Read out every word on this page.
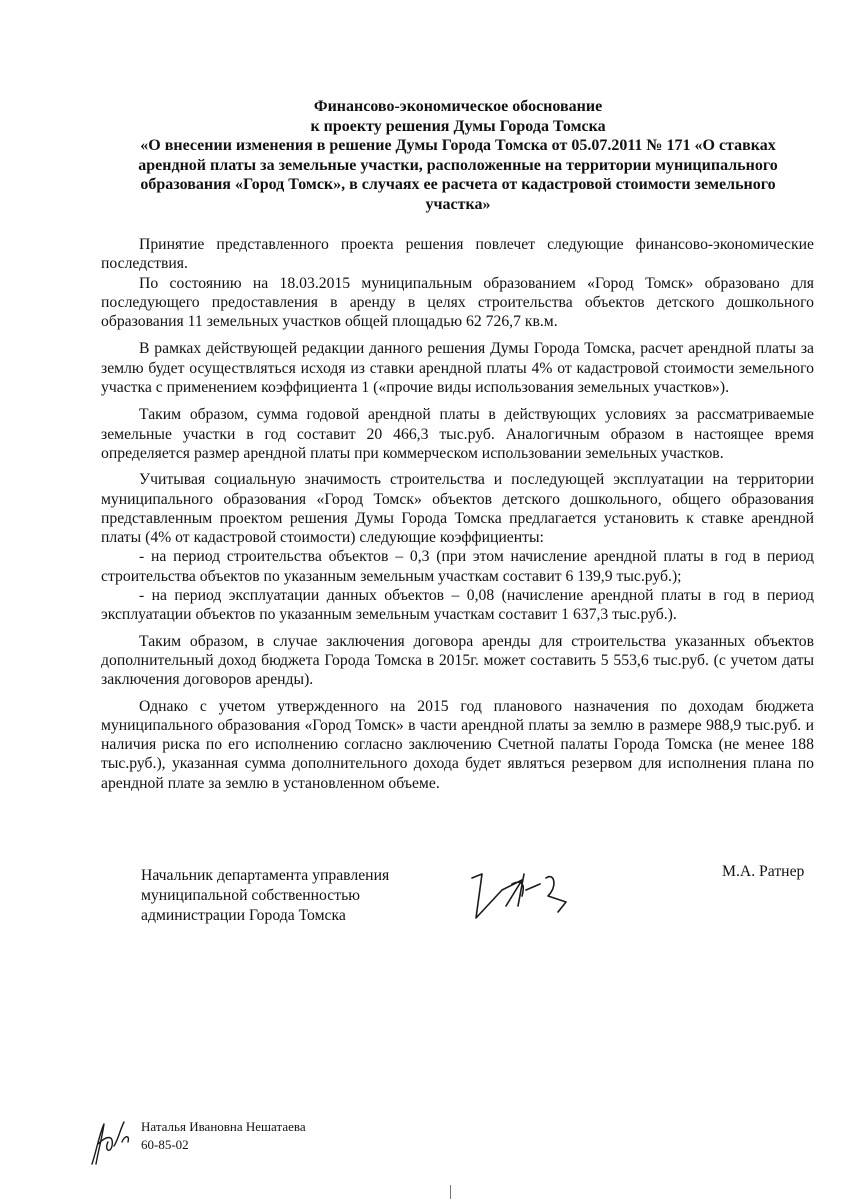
Финансово-экономическое обоснование
к проекту решения Думы Города Томска
«О внесении изменения в решение Думы Города Томска от 05.07.2011 № 171 «О ставках
арендной платы за земельные участки, расположенные на территории муниципального
образования «Город Томск», в случаях ее расчета от кадастровой стоимости земельного
участка»

Принятие представленного проекта решения повлечет следующие финансово-экономические последствия.

По состоянию на 18.03.2015 муниципальным образованием «Город Томск» образовано для последующего предоставления в аренду в целях строительства объектов детского дошкольного образования 11 земельных участков общей площадью 62 726,7 кв.м.

В рамках действующей редакции данного решения Думы Города Томска, расчет арендной платы за землю будет осуществляться исходя из ставки арендной платы 4% от кадастровой стоимости земельного участка с применением коэффициента 1 («прочие виды использования земельных участков»).

Таким образом, сумма годовой арендной платы в действующих условиях за рассматриваемые земельные участки в год составит 20 466,3 тыс.руб. Аналогичным образом в настоящее время определяется размер арендной платы при коммерческом использовании земельных участков.

Учитывая социальную значимость строительства и последующей эксплуатации на территории муниципального образования «Город Томск» объектов детского дошкольного, общего образования представленным проектом решения Думы Города Томска предлагается установить к ставке арендной платы (4% от кадастровой стоимости) следующие коэффициенты:

- на период строительства объектов – 0,3 (при этом начисление арендной платы в год в период строительства объектов по указанным земельным участкам составит 6 139,9 тыс.руб.);

- на период эксплуатации данных объектов – 0,08 (начисление арендной платы в год в период эксплуатации объектов по указанным земельным участкам составит 1 637,3 тыс.руб.).

Таким образом, в случае заключения договора аренды для строительства указанных объектов дополнительный доход бюджета Города Томска в 2015г. может составить 5 553,6 тыс.руб. (с учетом даты заключения договоров аренды).

Однако с учетом утвержденного на 2015 год планового назначения по доходам бюджета муниципального образования «Город Томск» в части арендной платы за землю в размере 988,9 тыс.руб. и наличия риска по его исполнению согласно заключению Счетной палаты Города Томска (не менее 188 тыс.руб.), указанная сумма дополнительного дохода будет являться резервом для исполнения плана по арендной плате за землю в установленном объеме.

Начальник департамента управления
муниципальной собственностью
администрации Города Томска
М.А. Ратнер
Наталья Ивановна Нешатаева
60-85-02
